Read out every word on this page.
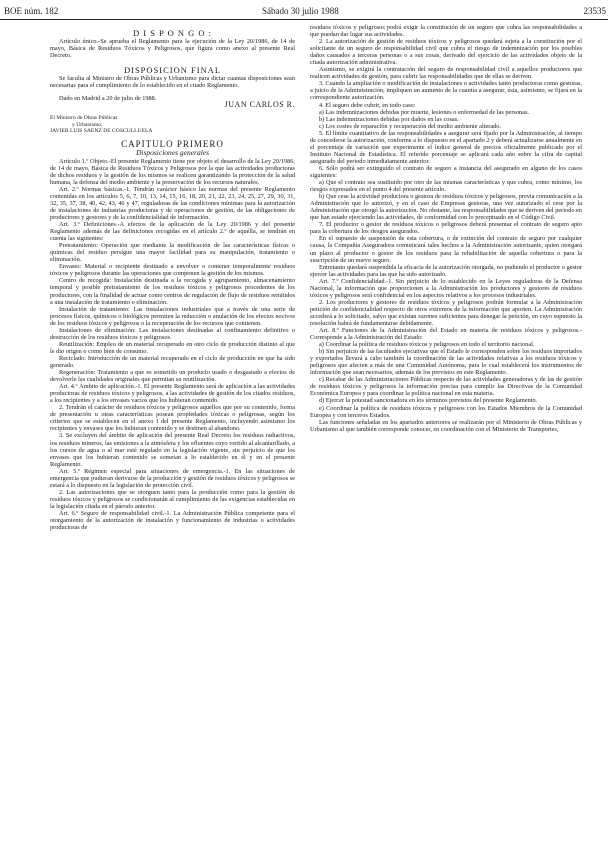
BOE núm. 182	Sábado 30 julio 1988	23535

D I S P O N G O :

Artículo único.-Se aprueba el Reglamento para la ejecución de la Ley 20/1986, de 14 de mayo, Básica de Residuos Tóxicos y Peligrosos, que figura como anexo al presente Real Decreto.

DISPOSICION FINAL

Se faculta al Ministro de Obras Públicas y Urbanismo para dictar cuantas disposiciones sean necesarias para el cumplimiento de lo establecido en el citado Reglamento.

Dado en Madrid a 20 de julio de 1988.

JUAN CARLOS R.

El Ministro de Obras Públicas

y Urbanismo,

JAVIER LUIS SAENZ DE COSCULLUELA

CAPITULO PRIMERO
Disposiciones generales

Artículo 1.º Objeto.-El presente Reglamento tiene por objeto el desarrollo de la Ley 20/1986, de 14 de mayo, Básica de Residuos Tóxicos y Peligrosos por la que las actividades productoras de dichos residuos y la gestión de los mismos se realicen garantizando la protección de la salud humana, la defensa del medio ambiente y la preservación de los recursos naturales.

Art. 2.º Normas básicas.-1. Tendrán carácter básico las normas del presente Reglamento contenidas en los artículos 5, 6, 7, 10, 13, 14, 15, 16, 18, 20, 21, 22, 23, 24, 25, 27, 29, 30, 31, 32, 35, 37, 38, 40, 42, 43, 46 y 47, reguladoras de las condiciones mínimas para la autorización de instalaciones de industrias productoras y de operaciones de gestión, de las obligaciones de productores y gestores y de la confidencialidad de información.

Art. 3.º Definiciones.-A efectos de la aplicación de la Ley 20/1986 y del presente Reglamento además de las definiciones recogidas en el artículo 2.º de aquélla, se tendrán en cuenta las siguientes:

Pretratamiento: Operación que mediante la modificación de las características físicas o químicas del residuo persigue una mayor facilidad para su manipulación, tratamiento o eliminación.

Envases: Material o recipiente destinado a envolver o contener temporalmente residuos tóxicos y peligrosos durante las operaciones que componen la gestión de los mismos.

Centro de recogida: Instalación destinada a la recogida y agrupamiento, almacenamiento temporal y posible pretratamiento de los residuos tóxicos y peligrosos procedentes de los productores, con la finalidad de actuar como centros de regulación de flujo de residuos remitidos a una instalación de tratamiento o eliminación.

Instalación de tratamiento: Las instalaciones industriales que a través de una serie de procesos físicos, químicos o biológicos permiten la reducción o anulación de los efectos nocivos de los residuos tóxicos y peligrosos o la recuperación de los recursos que contienen.

Instalaciones de eliminación: Las instalaciones destinadas al confinamiento definitivo o destrucción de los residuos tóxicos y peligrosos.

Reutilización: Empleo de un material recuperado en otro ciclo de producción distinto al que le dio origen o como bien de consumo.

Reciclado: Introducción de un material recuperado en el ciclo de producción en que ha sido generado.

Regeneración: Tratamiento a que es sometido un producto usado o desgastado a efectos de devolverle las cualidades originales que permitan su reutilización.

Art. 4.º Ámbito de aplicación.-1. El presente Reglamento será de aplicación a las actividades productoras de residuos tóxicos y peligrosos, a las actividades de gestión de los citados residuos, a los recipientes y a los envases vacíos que los hubieran contenido.

2. Tendrán el carácter de residuos tóxicos y peligrosos aquellos que por su contenido, forma de presentación u otras características posean propiedades tóxicas o peligrosas, según los criterios que se establecen en el anexo I del presente Reglamento, incluyendo asimismo los recipientes y envases que los hubieran contenido y se destinen al abandono.

3. Se excluyen del ámbito de aplicación del presente Real Decreto los residuos radiactivos, los residuos mineros, las emisiones a la atmósfera y los efluentes cuyo vertido al alcantarillado, a los cursos de agua o al mar esté regulado en la legislación vigente, sin perjuicio de que los envases que los hubieran contenido se sometan a lo establecido en él y en el presente Reglamento.

Art. 5.º Régimen especial para situaciones de emergencia.-1. En las situaciones de emergencia que pudieran derivarse de la producción y gestión de residuos tóxicos y peligrosos se estará a lo dispuesto en la legislación de protección civil.

2. Las autorizaciones que se otorguen tanto para la producción como para la gestión de residuos tóxicos y peligrosos se condicionarán al cumplimiento de las exigencias establecidas en la legislación citada en el párrafo anterior.

Art. 6.º Seguro de responsabilidad civil.-1. La Administración Pública competente para el otorgamiento de la autorización de instalación y funcionamiento de industrias o actividades productoras de

residuos tóxicos y peligrosos podrá exigir la constitución de un seguro que cubra las responsabilidades a que puedan dar lugar sus actividades.

2. La autorización de gestión de residuos tóxicos y peligrosos quedará sujeta a la constitución por el solicitante de un seguro de responsabilidad civil que cubra el riesgo de indemnización por los posibles daños causados a terceras personas o a sus cosas, derivado del ejercicio de las actividades objeto de la citada autorización administrativa.

Asimismo, se exigirá la contratación del seguro de responsabilidad civil a aquellos productores que realicen actividades de gestión, para cubrir las responsabilidades que de ellas se deriven.

3. Cuando la ampliación o modificación de instalaciones o actividades tanto productoras como gestoras, a juicio de la Administración, impliquen un aumento de la cuantía a asegurar, ésta, asimismo, se fijará en la correspondiente autorización.

4. El seguro debe cubrir, en todo caso:

a) Las indemnizaciones debidas por muerte, lesiones o enfermedad de las personas.

b) Las indemnizaciones debidas por daños en las cosas.

c) Los costes de reparación y recuperación del medio ambiente alterado.

5. El límite cuantitativo de las responsabilidades a asegurar será fijado por la Administración, al tiempo de concederse la autorización, conforme a lo dispuesto en el apartado 2 y deberá actualizarse anualmente en el porcentaje de variación que experimente el índice general de precios oficialmente publicado por el Instituto Nacional de Estadística. El referido porcentaje se aplicará cada año sobre la cifra de capital asegurado del período inmediatamente anterior.

6. Sólo podrá ser extinguido el contrato de seguro a instancia del asegurado en alguno de los casos siguientes:

a) Que el contrato sea sustituido por otro de las mismas características y que cubra, como mínimo, los riesgos expresados en el punto 4 del presente artículo.

b) Que cese la actividad productora o gestora de residuos tóxicos y peligrosos, previa comunicación a la Administración que lo autorizó, y en el caso de Empresas gestoras, una vez autorizado el cese por la Administración que otorgó la autorización. No obstante, las responsabilidades que se deriven del periodo en que han estado ejerciendo las actividades, de conformidad con lo preceptuado en el Código Civil.

7. El productor o gestor de residuos tóxicos o peligrosos deberá presentar el contrato de seguro apto para la cobertura de los riesgos asegurados.

En el supuesto de suspensión de esta cobertura, o de extinción del contrato de seguro por cualquier causa, la Compañía Aseguradora comunicará tales hechos a la Administración autorizante, quien otorgará un plazo al productor o gestor de los residuos para la rehabilitación de aquella cobertura o para la suscripción de un nuevo seguro.

Entretanto quedará suspendida la eficacia de la autorización otorgada, no pudiendo el productor o gestor ejercer las actividades para las que ha sido autorizado.

Art. 7.º Confidencialidad.-1. Sin perjuicio de lo establecido en la Leyes reguladoras de la Defensa Nacional, la información que proporcionen a la Administración los productores y gestores de residuos tóxicos y peligrosos será confidencial en los aspectos relativos a los procesos industriales.

2. Los productores y gestores de residuos tóxicos y peligrosos podrán formular a la Administración petición de confidencialidad respecto de otros extremos de la información que aporten. La Administración accederá a lo solicitado, salvo que existan razones suficientes para denegar la petición, en cuyo supuesto la resolución habrá de fundamentarse debidamente.

Art. 8.º Funciones de la Administración del Estado en materia de residuos tóxicos y peligrosos.-Corresponde a la Administración del Estado:

a) Coordinar la política de residuos tóxicos y peligrosos en todo el territorio nacional.

b) Sin perjuicio de las facultades ejecutivas que el Estado le corresponden sobre los residuos importados y exportados llevará a cabo también la coordinación de las actividades relativas a los residuos tóxicos y peligrosos que afecten a más de una Comunidad Autónoma, para lo cual establecerá los instrumentos de información que sean necesarios, además de los previstos en este Reglamento.

c) Recabar de las Administraciones Públicas respecto de las actividades generadoras y de las de gestión de residuos tóxicos y peligrosos la información precisa para cumplir las Directivas de la Comunidad Económica Europea y para coordinar la política nacional en esta materia.

d) Ejercer la potestad sancionadora en los términos previstos del presente Reglamento.

e) Coordinar la política de residuos tóxicos y peligrosos con los Estados Miembros de la Comunidad Europea y con terceros Estados.

Las funciones señaladas en los apartados anteriores se realizarán por el Ministerio de Obras Públicas y Urbanismo al que también corresponde conocer, en coordinación con el Ministerio de Transportes,
